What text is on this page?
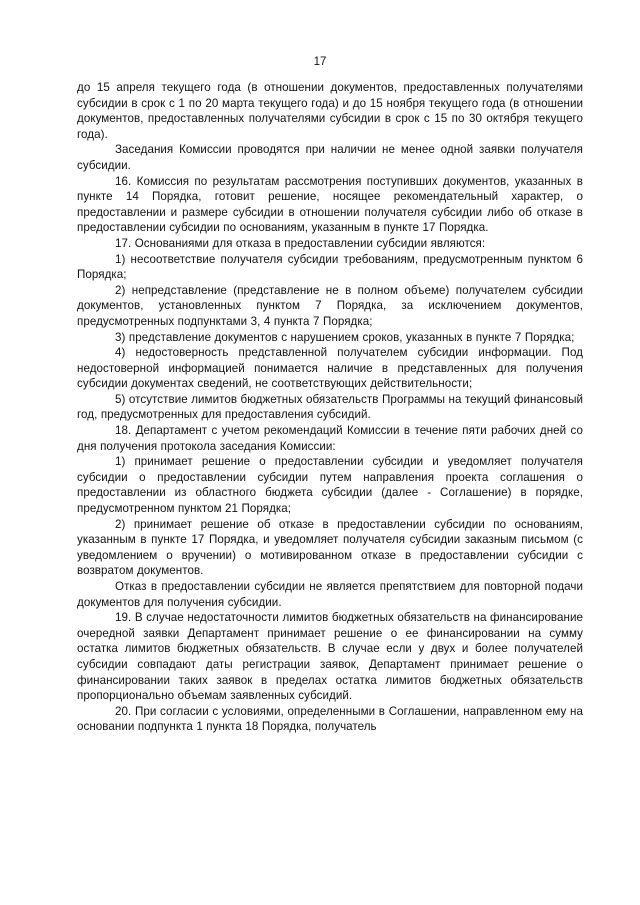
17

до 15 апреля текущего года (в отношении документов, предоставленных получателями субсидии в срок с 1 по 20 марта текущего года) и до 15 ноября текущего года (в отношении документов, предоставленных получателями субсидии в срок с 15 по 30 октября текущего года).

Заседания Комиссии проводятся при наличии не менее одной заявки получателя субсидии.

16. Комиссия по результатам рассмотрения поступивших документов, указанных в пункте 14 Порядка, готовит решение, носящее рекомендательный характер, о предоставлении и размере субсидии в отношении получателя субсидии либо об отказе в предоставлении субсидии по основаниям, указанным в пункте 17 Порядка.

17. Основаниями для отказа в предоставлении субсидии являются:

1) несоответствие получателя субсидии требованиям, предусмотренным пунктом 6 Порядка;

2) непредставление (представление не в полном объеме) получателем субсидии документов, установленных пунктом 7 Порядка, за исключением документов, предусмотренных подпунктами 3, 4 пункта 7 Порядка;

3) представление документов с нарушением сроков, указанных в пункте 7 Порядка;

4) недостоверность представленной получателем субсидии информации. Под недостоверной информацией понимается наличие в представленных для получения субсидии документах сведений, не соответствующих действительности;

5) отсутствие лимитов бюджетных обязательств Программы на текущий финансовый год, предусмотренных для предоставления субсидий.

18. Департамент с учетом рекомендаций Комиссии в течение пяти рабочих дней со дня получения протокола заседания Комиссии:

1) принимает решение о предоставлении субсидии и уведомляет получателя субсидии о предоставлении субсидии путем направления проекта соглашения о предоставлении из областного бюджета субсидии (далее - Соглашение) в порядке, предусмотренном пунктом 21 Порядка;

2) принимает решение об отказе в предоставлении субсидии по основаниям, указанным в пункте 17 Порядка, и уведомляет получателя субсидии заказным письмом (с уведомлением о вручении) о мотивированном отказе в предоставлении субсидии с возвратом документов.

Отказ в предоставлении субсидии не является препятствием для повторной подачи документов для получения субсидии.

19. В случае недостаточности лимитов бюджетных обязательств на финансирование очередной заявки Департамент принимает решение о ее финансировании на сумму остатка лимитов бюджетных обязательств. В случае если у двух и более получателей субсидии совпадают даты регистрации заявок, Департамент принимает решение о финансировании таких заявок в пределах остатка лимитов бюджетных обязательств пропорционально объемам заявленных субсидий.

20. При согласии с условиями, определенными в Соглашении, направленном ему на основании подпункта 1 пункта 18 Порядка, получатель
